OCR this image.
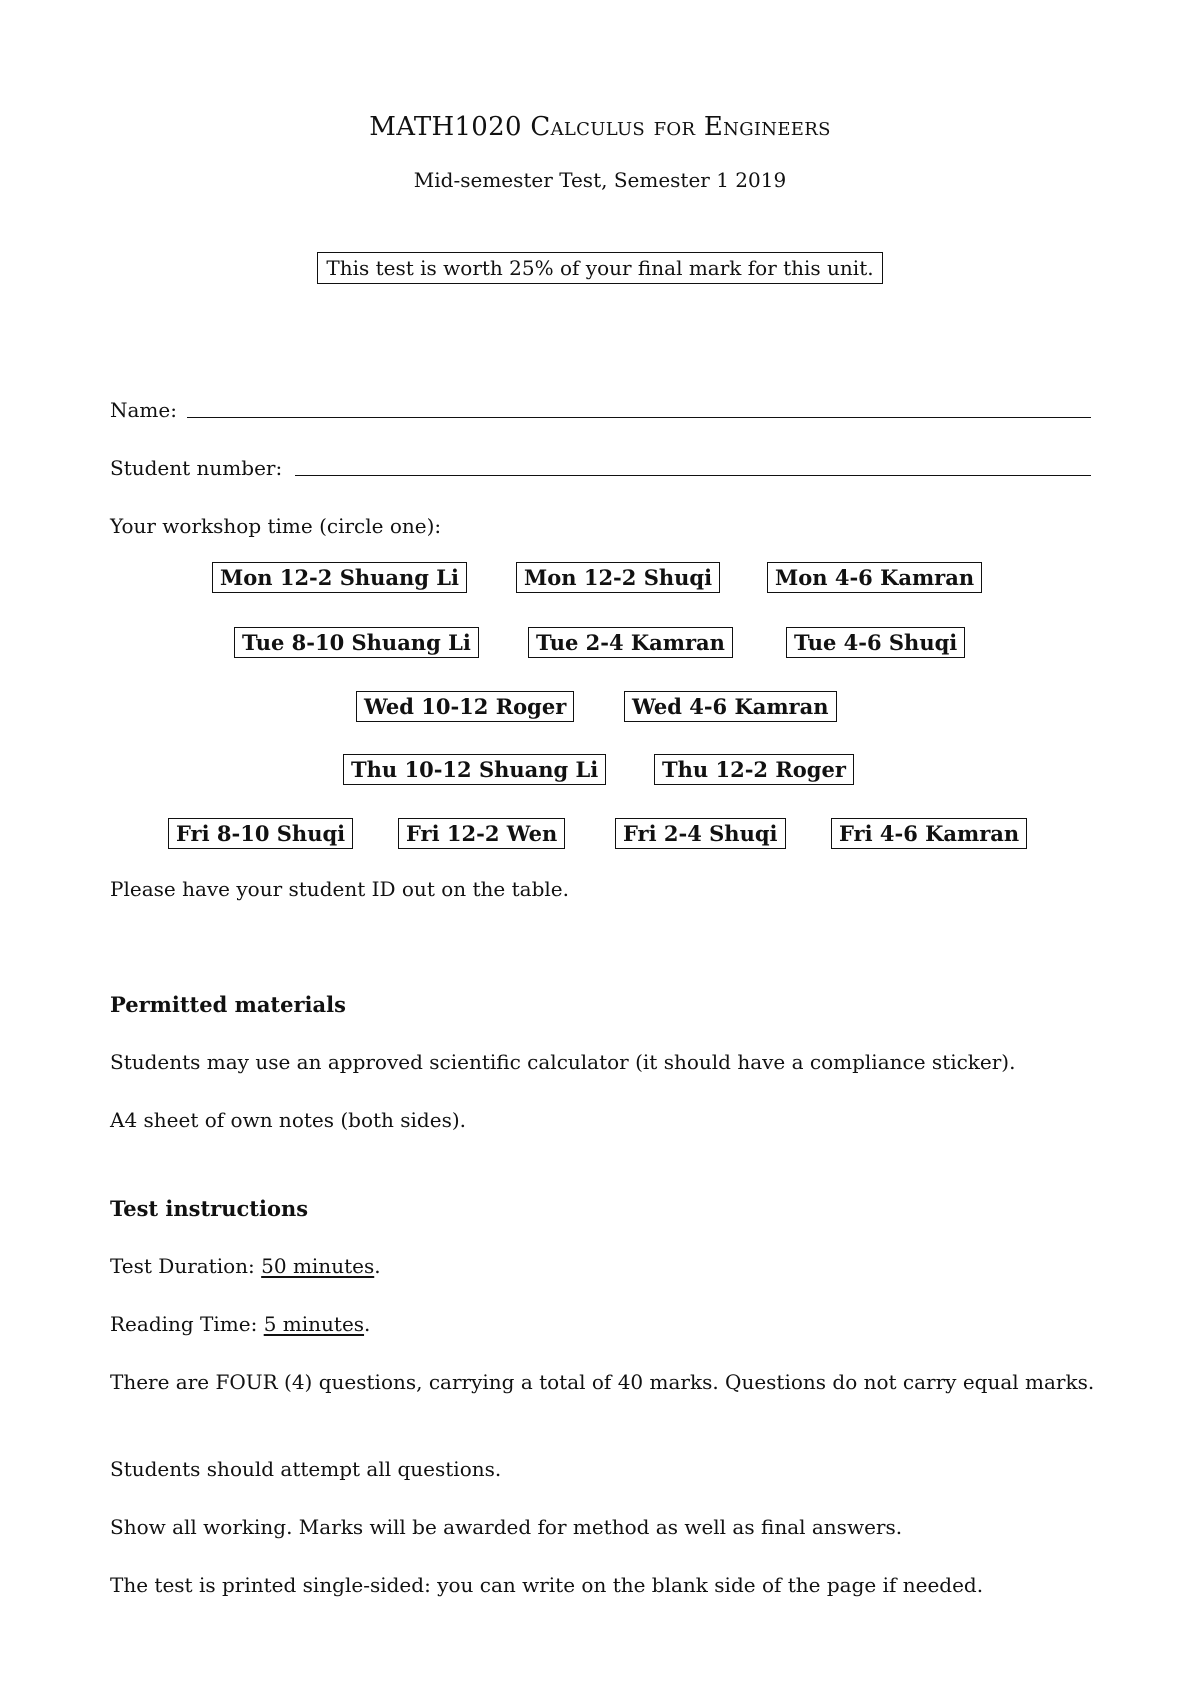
MATH1020 Calculus for Engineers
Mid-semester Test, Semester 1 2019
This test is worth 25% of your final mark for this unit.
Name:
Student number:
Your workshop time (circle one):
Mon 12-2 Shuang Li	Mon 12-2 Shuqi	Mon 4-6 Kamran
Tue 8-10 Shuang Li	Tue 2-4 Kamran	Tue 4-6 Shuqi
Wed 10-12 Roger	Wed 4-6 Kamran
Thu 10-12 Shuang Li	Thu 12-2 Roger
Fri 8-10 Shuqi	Fri 12-2 Wen	Fri 2-4 Shuqi	Fri 4-6 Kamran
Please have your student ID out on the table.
Permitted materials
Students may use an approved scientific calculator (it should have a compliance sticker).
A4 sheet of own notes (both sides).
Test instructions
Test Duration: 50 minutes.
Reading Time: 5 minutes.
There are FOUR (4) questions, carrying a total of 40 marks. Questions do not carry equal marks.
Students should attempt all questions.
Show all working. Marks will be awarded for method as well as final answers.
The test is printed single-sided: you can write on the blank side of the page if needed.
